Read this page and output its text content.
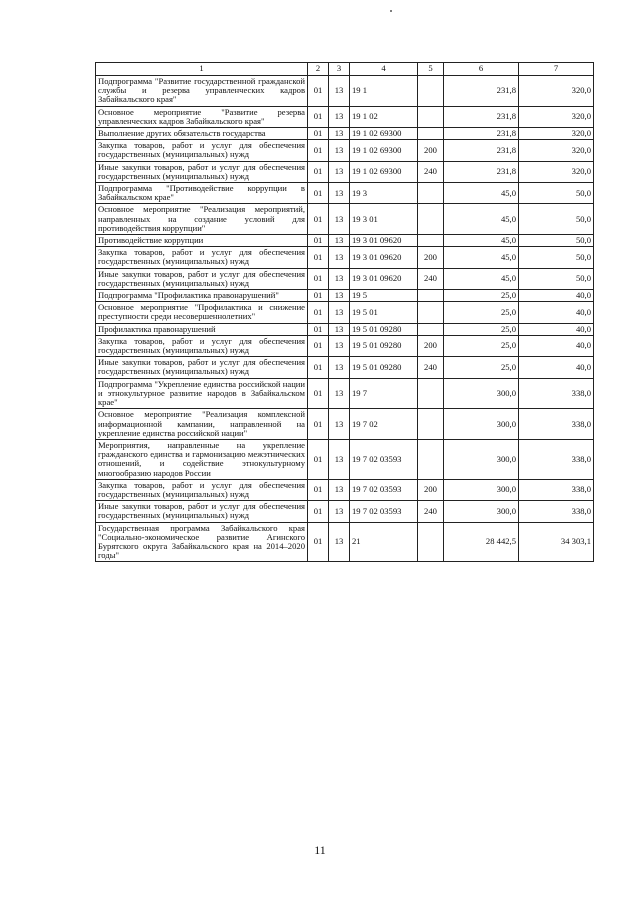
1	2	3	4	5	6	7
Подпрограмма "Развитие государственной гражданской службы и резерва управленческих кадров Забайкальского края"	01	13	19 1		231,8	320,0
Основное мероприятие "Развитие резерва управленческих кадров Забайкальского края"	01	13	19 1 02		231,8	320,0
Выполнение других обязательств государства	01	13	19 1 02 69300		231,8	320,0
Закупка товаров, работ и услуг для обеспечения государственных (муниципальных) нужд	01	13	19 1 02 69300	200	231,8	320,0
Иные закупки товаров, работ и услуг для обеспечения государственных (муниципальных) нужд	01	13	19 1 02 69300	240	231,8	320,0
Подпрограмма "Противодействие коррупции в Забайкальском крае"	01	13	19 3		45,0	50,0
Основное мероприятие "Реализация мероприятий, направленных на создание условий для противодействия коррупции"	01	13	19 3 01		45,0	50,0
Противодействие коррупции	01	13	19 3 01 09620		45,0	50,0
Закупка товаров, работ и услуг для обеспечения государственных (муниципальных) нужд	01	13	19 3 01 09620	200	45,0	50,0
Иные закупки товаров, работ и услуг для обеспечения государственных (муниципальных) нужд	01	13	19 3 01 09620	240	45,0	50,0
Подпрограмма "Профилактика правонарушений"	01	13	19 5		25,0	40,0
Основное мероприятие "Профилактика и снижение преступности среди несовершеннолетних"	01	13	19 5 01		25,0	40,0
Профилактика правонарушений	01	13	19 5 01 09280		25,0	40,0
Закупка товаров, работ и услуг для обеспечения государственных (муниципальных) нужд	01	13	19 5 01 09280	200	25,0	40,0
Иные закупки товаров, работ и услуг для обеспечения государственных (муниципальных) нужд	01	13	19 5 01 09280	240	25,0	40,0
Подпрограмма "Укрепление единства российской нации и этнокультурное развитие народов в Забайкальском крае"	01	13	19 7		300,0	338,0
Основное мероприятие "Реализация комплексной информационной кампании, направленной на укрепление единства российской нации"	01	13	19 7 02		300,0	338,0
Мероприятия, направленные на укрепление гражданского единства и гармонизацию межэтнических отношений, и содействие этнокультурному многообразию народов России	01	13	19 7 02 03593		300,0	338,0
Закупка товаров, работ и услуг для обеспечения государственных (муниципальных) нужд	01	13	19 7 02 03593	200	300,0	338,0
Иные закупки товаров, работ и услуг для обеспечения государственных (муниципальных) нужд	01	13	19 7 02 03593	240	300,0	338,0
Государственная программа Забайкальского края "Социально-экономическое развитие Агинского Бурятского округа Забайкальского края на 2014–2020 годы"	01	13	21		28 442,5	34 303,1
11
